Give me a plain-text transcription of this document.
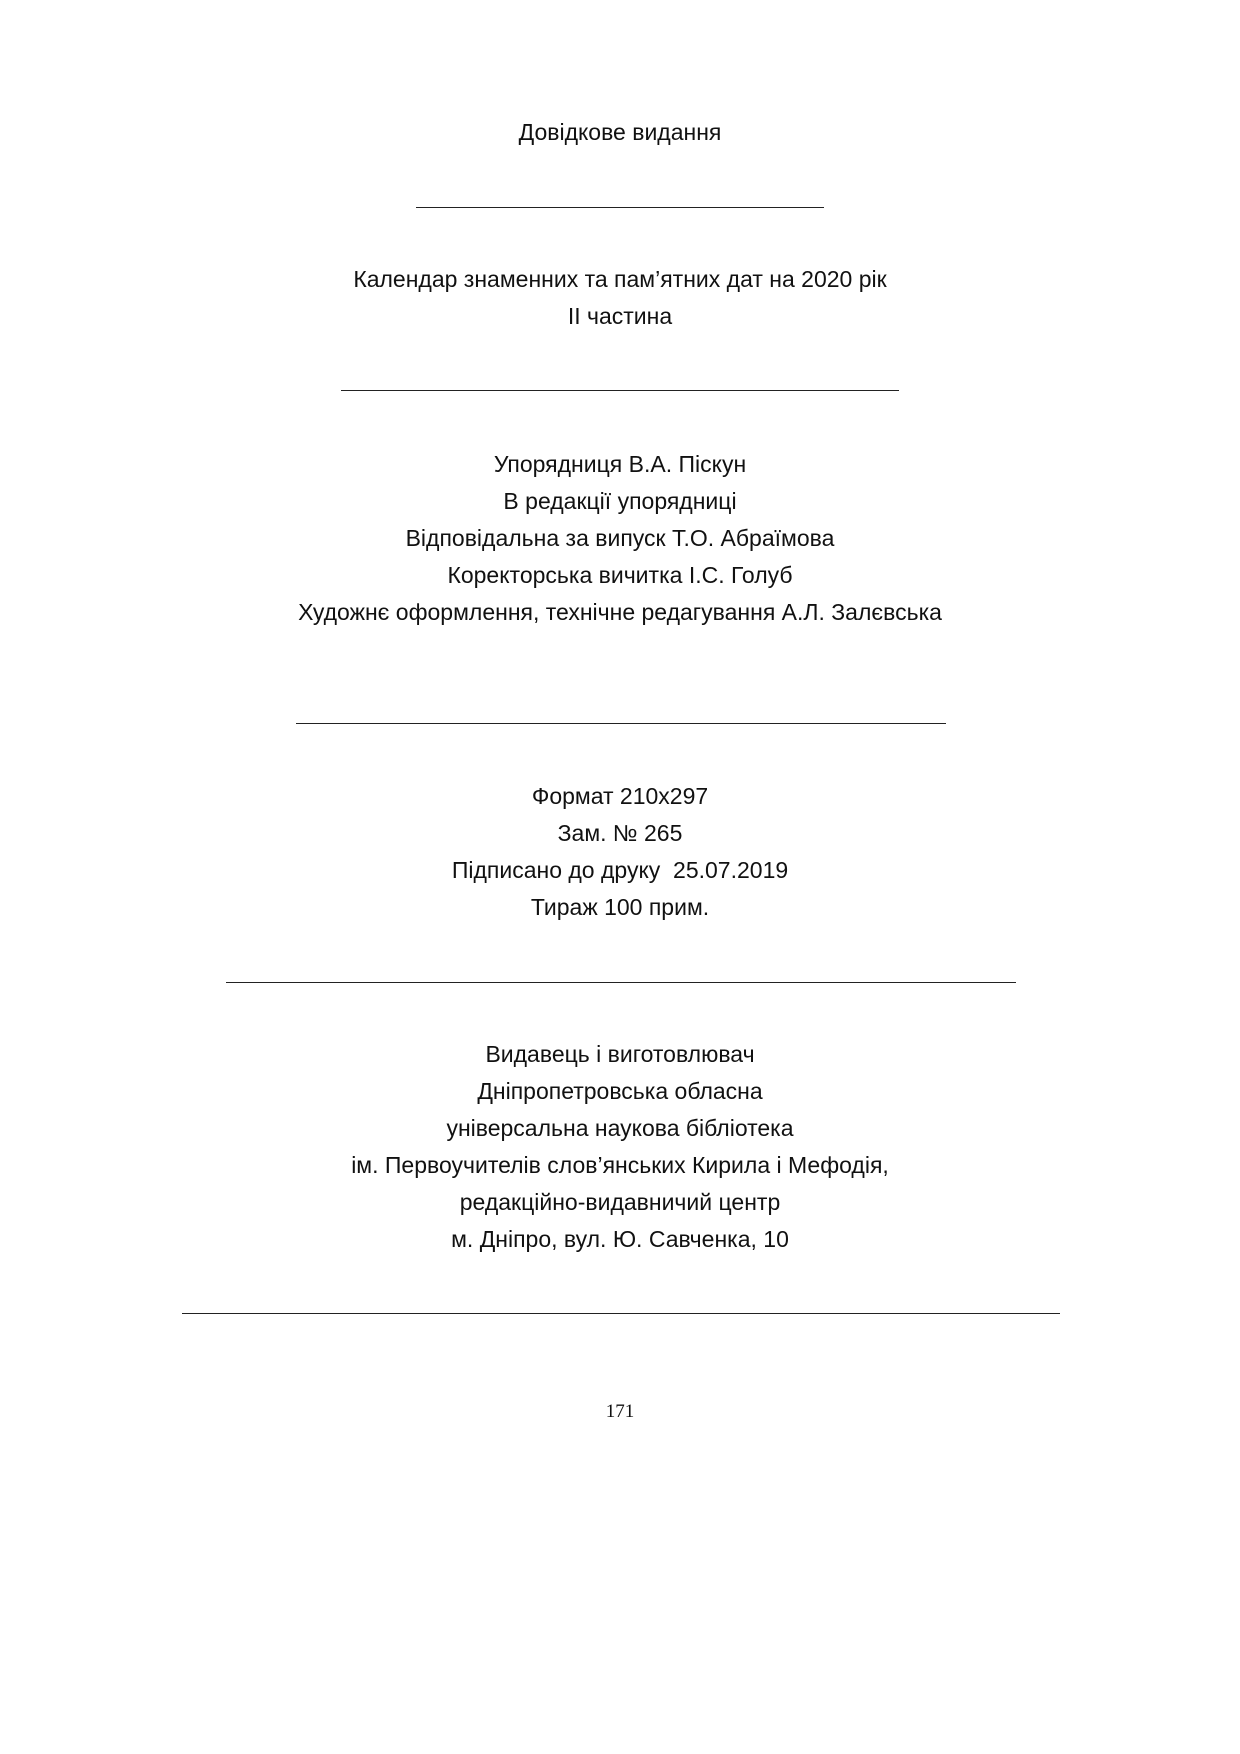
Довідкове видання
Календар знаменних та пам’ятних дат на 2020 рік
ІІ частина
Упорядниця В.А. Піскун
В редакції упорядниці
Відповідальна за випуск Т.О. Абраїмова
Коректорська вичитка І.С. Голуб
Художнє оформлення, технічне редагування А.Л. Залєвська
Формат 210х297
Зам. № 265
Підписано до друку  25.07.2019
Тираж 100 прим.
Видавець і виготовлювач
Дніпропетровська обласна
універсальна наукова бібліотека
ім. Первоучителів слов’янських Кирила і Мефодія,
редакційно-видавничий центр
м. Дніпро, вул. Ю. Савченка, 10
171
